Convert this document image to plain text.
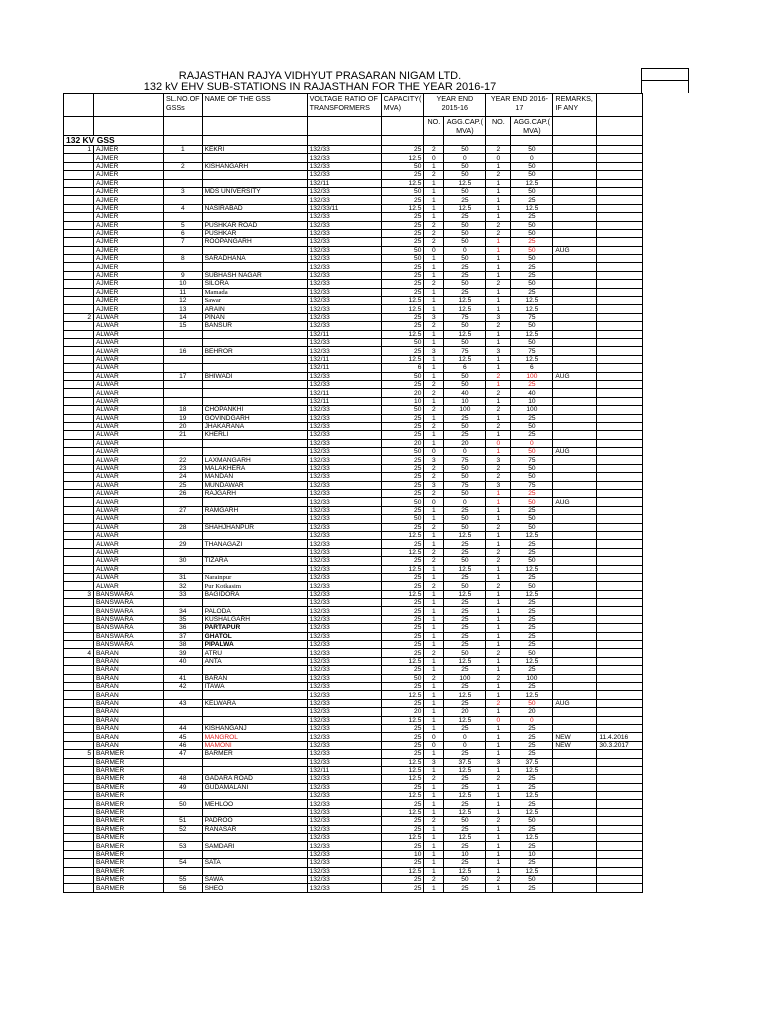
RAJASTHAN RAJYA VIDHYUT PRASARAN NIGAM LTD.
132 kV EHV SUB-STATIONS IN RAJASTHAN FOR THE YEAR 2016-17
		SL.NO.OF GSSs	NAME OF THE GSS	VOLTAGE RATIO OF TRANSFORMERS	CAPACITY( MVA)	YEAR END 2015-16		YEAR END 2016-17		REMARKS, IF ANY	
						NO.	AGG.CAP.( MVA)	NO.	AGG.CAP.( MVA)		
132 KV GSS											
1	AJMER	1	KEKRI	132/33	25	2	50	2	50		
	AJMER			132/33	12.5	0	0	0	0		
	AJMER	2	KISHANGARH	132/33	50	1	50	1	50		
	AJMER			132/33	25	2	50	2	50		
	AJMER			132/11	12.5	1	12.5	1	12.5		
	AJMER	3	MDS UNIVERSITY	132/33	50	1	50	1	50		
	AJMER			132/33	25	1	25	1	25		
	AJMER	4	NASIRABAD	132/33/11	12.5	1	12.5	1	12.5		
	AJMER			132/33	25	1	25	1	25		
	AJMER	5	PUSHKAR ROAD	132/33	25	2	50	2	50		
	AJMER	6	PUSHKAR	132/33	25	2	50	2	50		
	AJMER	7	ROOPANGARH	132/33	25	2	50	1	25		
	AJMER			132/33	50	0	0	1	50	AUG	
	AJMER	8	SARADHANA	132/33	50	1	50	1	50		
	AJMER			132/33	25	1	25	1	25		
	AJMER	9	SUBHASH NAGAR	132/33	25	1	25	1	25		
	AJMER	10	SILORA	132/33	25	2	50	2	50		
	AJMER	11	Mamada	132/33	25	1	25	1	25		
	AJMER	12	Sawar	132/33	12.5	1	12.5	1	12.5		
	AJMER	13	ARAIN	132/33	12.5	1	12.5	1	12.5		
2	ALWAR	14	PINAN	132/33	25	3	75	3	75		
	ALWAR	15	BANSUR	132/33	25	2	50	2	50		
	ALWAR			132/11	12.5	1	12.5	1	12.5		
	ALWAR			132/33	50	1	50	1	50		
	ALWAR	16	BEHROR	132/33	25	3	75	3	75		
	ALWAR			132/11	12.5	1	12.5	1	12.5		
	ALWAR			132/11	6	1	6	1	6		
	ALWAR	17	BHIWADI	132/33	50	1	50	2	100	AUG	
	ALWAR			132/33	25	2	50	1	25		
	ALWAR			132/11	20	2	40	2	40		
	ALWAR			132/11	10	1	10	1	10		
	ALWAR	18	CHOPANKHI	132/33	50	2	100	2	100		
	ALWAR	19	GOVINDGARH	132/33	25	1	25	1	25		
	ALWAR	20	JHAKARANA	132/33	25	2	50	2	50		
	ALWAR	21	KHERLI	132/33	25	1	25	1	25		
	ALWAR			132/33	20	1	20	0	0		
	ALWAR			132/33	50	0	0	1	50	AUG	
	ALWAR	22	LAXMANGARH	132/33	25	3	75	3	75		
	ALWAR	23	MALAKHERA	132/33	25	2	50	2	50		
	ALWAR	24	MANDAN	132/33	25	2	50	2	50		
	ALWAR	25	MUNDAWAR	132/33	25	3	75	3	75		
	ALWAR	26	RAJGARH	132/33	25	2	50	1	25		
	ALWAR			132/33	50	0	0	1	50	AUG	
	ALWAR	27	RAMGARH	132/33	25	1	25	1	25		
	ALWAR			132/33	50	1	50	1	50		
	ALWAR	28	SHAHJHANPUR	132/33	25	2	50	2	50		
	ALWAR			132/33	12.5	1	12.5	1	12.5		
	ALWAR	29	THANAGAZI	132/33	25	1	25	1	25		
	ALWAR			132/33	12.5	2	25	2	25		
	ALWAR	30	TIZARA	132/33	25	2	50	2	50		
	ALWAR			132/33	12.5	1	12.5	1	12.5		
	ALWAR	31	Narainpur	132/33	25	1	25	1	25		
	ALWAR	32	Pur Kotkasim	132/33	25	2	50	2	50		
3	BANSWARA	33	BAGIDORA	132/33	12.5	1	12.5	1	12.5		
	BANSWARA			132/33	25	1	25	1	25		
	BANSWARA	34	PALODA	132/33	25	1	25	1	25		
	BANSWARA	35	KUSHALGARH	132/33	25	1	25	1	25		
	BANSWARA	36	PARTAPUR	132/33	25	1	25	1	25		
	BANSWARA	37	GHATOL	132/33	25	1	25	1	25		
	BANSWARA	38	PIPALWA	132/33	25	1	25	1	25		
4	BARAN	39	ATRU	132/33	25	2	50	2	50		
	BARAN	40	ANTA	132/33	12.5	1	12.5	1	12.5		
	BARAN			132/33	25	1	25	1	25		
	BARAN	41	BARAN	132/33	50	2	100	2	100		
	BARAN	42	ITAWA	132/33	25	1	25	1	25		
	BARAN			132/33	12.5	1	12.5	1	12.5		
	BARAN	43	KELWARA	132/33	25	1	25	2	50	AUG	
	BARAN			132/33	20	1	20	1	20		
	BARAN			132/33	12.5	1	12.5	0	0		
	BARAN	44	KISHANGANJ	132/33	25	1	25	1	25		
	BARAN	45	MANGROL	132/33	25	0	0	1	25	NEW	11.4.2016
	BARAN	46	MAMONI	132/33	25	0	0	1	25	NEW	30.3.2017
5	BARMER	47	BARMER	132/33	25	1	25	1	25		
	BARMER			132/33	12.5	3	37.5	3	37.5		
	BARMER			132/11	12.5	1	12.5	1	12.5		
	BARMER	48	GADARA ROAD	132/33	12.5	2	25	2	25		
	BARMER	49	GUDAMALANI	132/33	25	1	25	1	25		
	BARMER			132/33	12.5	1	12.5	1	12.5		
	BARMER	50	MEHLOO	132/33	25	1	25	1	25		
	BARMER			132/33	12.5	1	12.5	1	12.5		
	BARMER	51	PADROO	132/33	25	2	50	2	50		
	BARMER	52	RANASAR	132/33	25	1	25	1	25		
	BARMER			132/33	12.5	1	12.5	1	12.5		
	BARMER	53	SAMDARI	132/33	25	1	25	1	25		
	BARMER			132/33	10	1	10	1	10		
	BARMER	54	SATA	132/33	25	1	25	1	25		
	BARMER			132/33	12.5	1	12.5	1	12.5		
	BARMER	55	SAWA	132/33	25	2	50	2	50		
	BARMER	56	SHEO	132/33	25	1	25	1	25		
